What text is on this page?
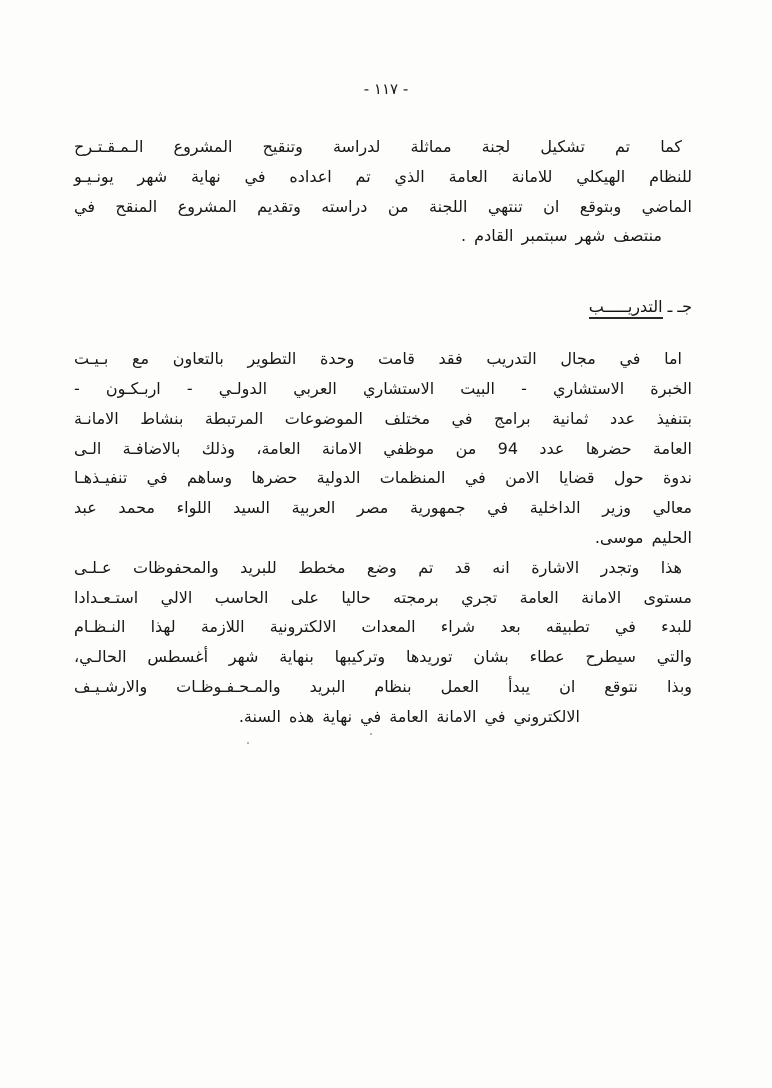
- ١١٧ -
كما تم تشكيل لجنة مماثلة لدراسة وتنقيح المشروع الـمـقـتـرح
للنظام الهيكلي للامانة العامة الذي تم اعداده في نهاية شهر يونـيـو
الماضي وبتوقع ان تنتهي اللجنة من دراسته وتقديم المشروع المنقح في
منتصف شهر سبتمبر القادم .
جـ ـ التدريـــــب
اما في مجال التدريب فقد قامت وحدة التطوير بالتعاون مع بـيـت
الخبرة الاستشاري - البيت الاستشاري العربي الدولـي - اربـكـون -
بتنفيذ عدد ثمانية برامج في مختلف الموضوعات المرتبطة بنشاط الامانـة
العامة حضرها عدد 94 من موظفي الامانة العامة، وذلك بالاضافـة الـى
ندوة حول قضايا الامن في المنظمات الدولية حضرها وساهم في تنفيـذهـا
معالي وزير الداخلية في جمهورية مصر العربية السيد اللواء محمد عبد
الحليم موسى.
هذا وتجدر الاشارة انه قد تم وضع مخطط للبريد والمحفوظات عـلـى
مستوى الامانة العامة تجري برمجته حاليا على الحاسب الالي استـعـدادا
للبدء في تطبيقه بعد شراء المعدات الالكترونية اللازمة لهذا النـظـام
والتي سيطرح عطاء بشان توريدها وتركيبها بنهاية شهر أغسطس الحالـي،
وبذا نتوقع ان يبدأ العمل بنظام البريد والمـحـفـوظـات والارشـيـف
الالكتروني في الامانة العامة في نهاية هذه السنة.
